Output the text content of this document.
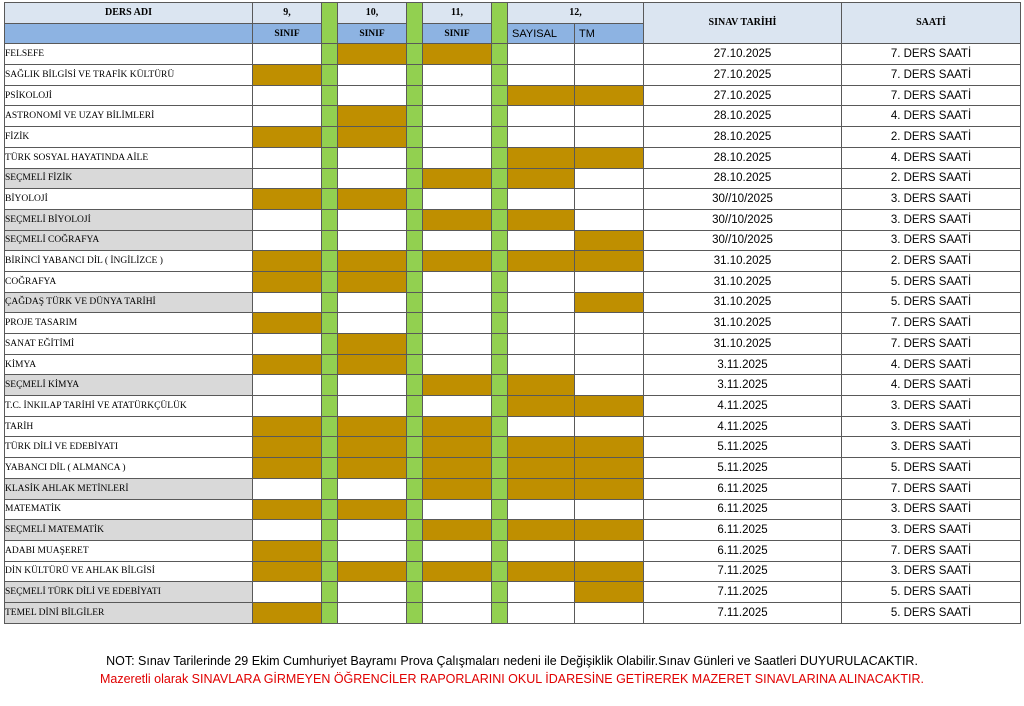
DERS ADI	9,		10,		11,		12,		SINAV TARİHİ	SAATİ
	SINIF		SINIF		SINIF		SAYISAL	TM		
FELSEFE									27.10.2025	7. DERS SAATİ
SAĞLIK BİLGİSİ VE TRAFİK KÜLTÜRÜ									27.10.2025	7. DERS SAATİ
PSİKOLOJİ									27.10.2025	7. DERS SAATİ
ASTRONOMİ VE UZAY BİLİMLERİ									28.10.2025	4. DERS SAATİ
FİZİK									28.10.2025	2. DERS SAATİ
TÜRK SOSYAL HAYATINDA AİLE									28.10.2025	4. DERS SAATİ
SEÇMELİ FİZİK									28.10.2025	2. DERS SAATİ
BİYOLOJİ									30//10/2025	3. DERS SAATİ
SEÇMELİ BİYOLOJİ									30//10/2025	3. DERS SAATİ
SEÇMELİ COĞRAFYA									30//10/2025	3. DERS SAATİ
BİRİNCİ YABANCI DİL ( İNGİLİZCE )									31.10.2025	2. DERS SAATİ
COĞRAFYA									31.10.2025	5. DERS SAATİ
ÇAĞDAŞ TÜRK VE DÜNYA TARİHİ									31.10.2025	5. DERS SAATİ
PROJE TASARIM									31.10.2025	7. DERS SAATİ
SANAT EĞİTİMİ									31.10.2025	7. DERS SAATİ
KİMYA									3.11.2025	4. DERS SAATİ
SEÇMELİ KİMYA									3.11.2025	4. DERS SAATİ
T.C. İNKILAP TARİHİ VE ATATÜRKÇÜLÜK									4.11.2025	3. DERS SAATİ
TARİH									4.11.2025	3. DERS SAATİ
TÜRK DİLİ VE EDEBİYATI									5.11.2025	3. DERS SAATİ
YABANCI DİL ( ALMANCA )									5.11.2025	5. DERS SAATİ
KLASİK AHLAK METİNLERİ									6.11.2025	7. DERS SAATİ
MATEMATİK									6.11.2025	3. DERS SAATİ
SEÇMELİ MATEMATİK									6.11.2025	3. DERS SAATİ
ADABI MUAŞERET									6.11.2025	7. DERS SAATİ
DİN KÜLTÜRÜ VE AHLAK BİLGİSİ									7.11.2025	3. DERS SAATİ
SEÇMELİ TÜRK DİLİ VE EDEBİYATI									7.11.2025	5. DERS SAATİ
TEMEL DİNİ BİLGİLER									7.11.2025	5. DERS SAATİ
NOT: Sınav Tarilerinde 29 Ekim Cumhuriyet Bayramı Prova Çalışmaları nedeni ile Değişiklik Olabilir.Sınav Günleri ve Saatleri DUYURULACAKTIR.
Mazeretli olarak SINAVLARA GİRMEYEN ÖĞRENCİLER RAPORLARINI OKUL İDARESİNE GETİREREK MAZERET SINAVLARINA ALINACAKTIR.
